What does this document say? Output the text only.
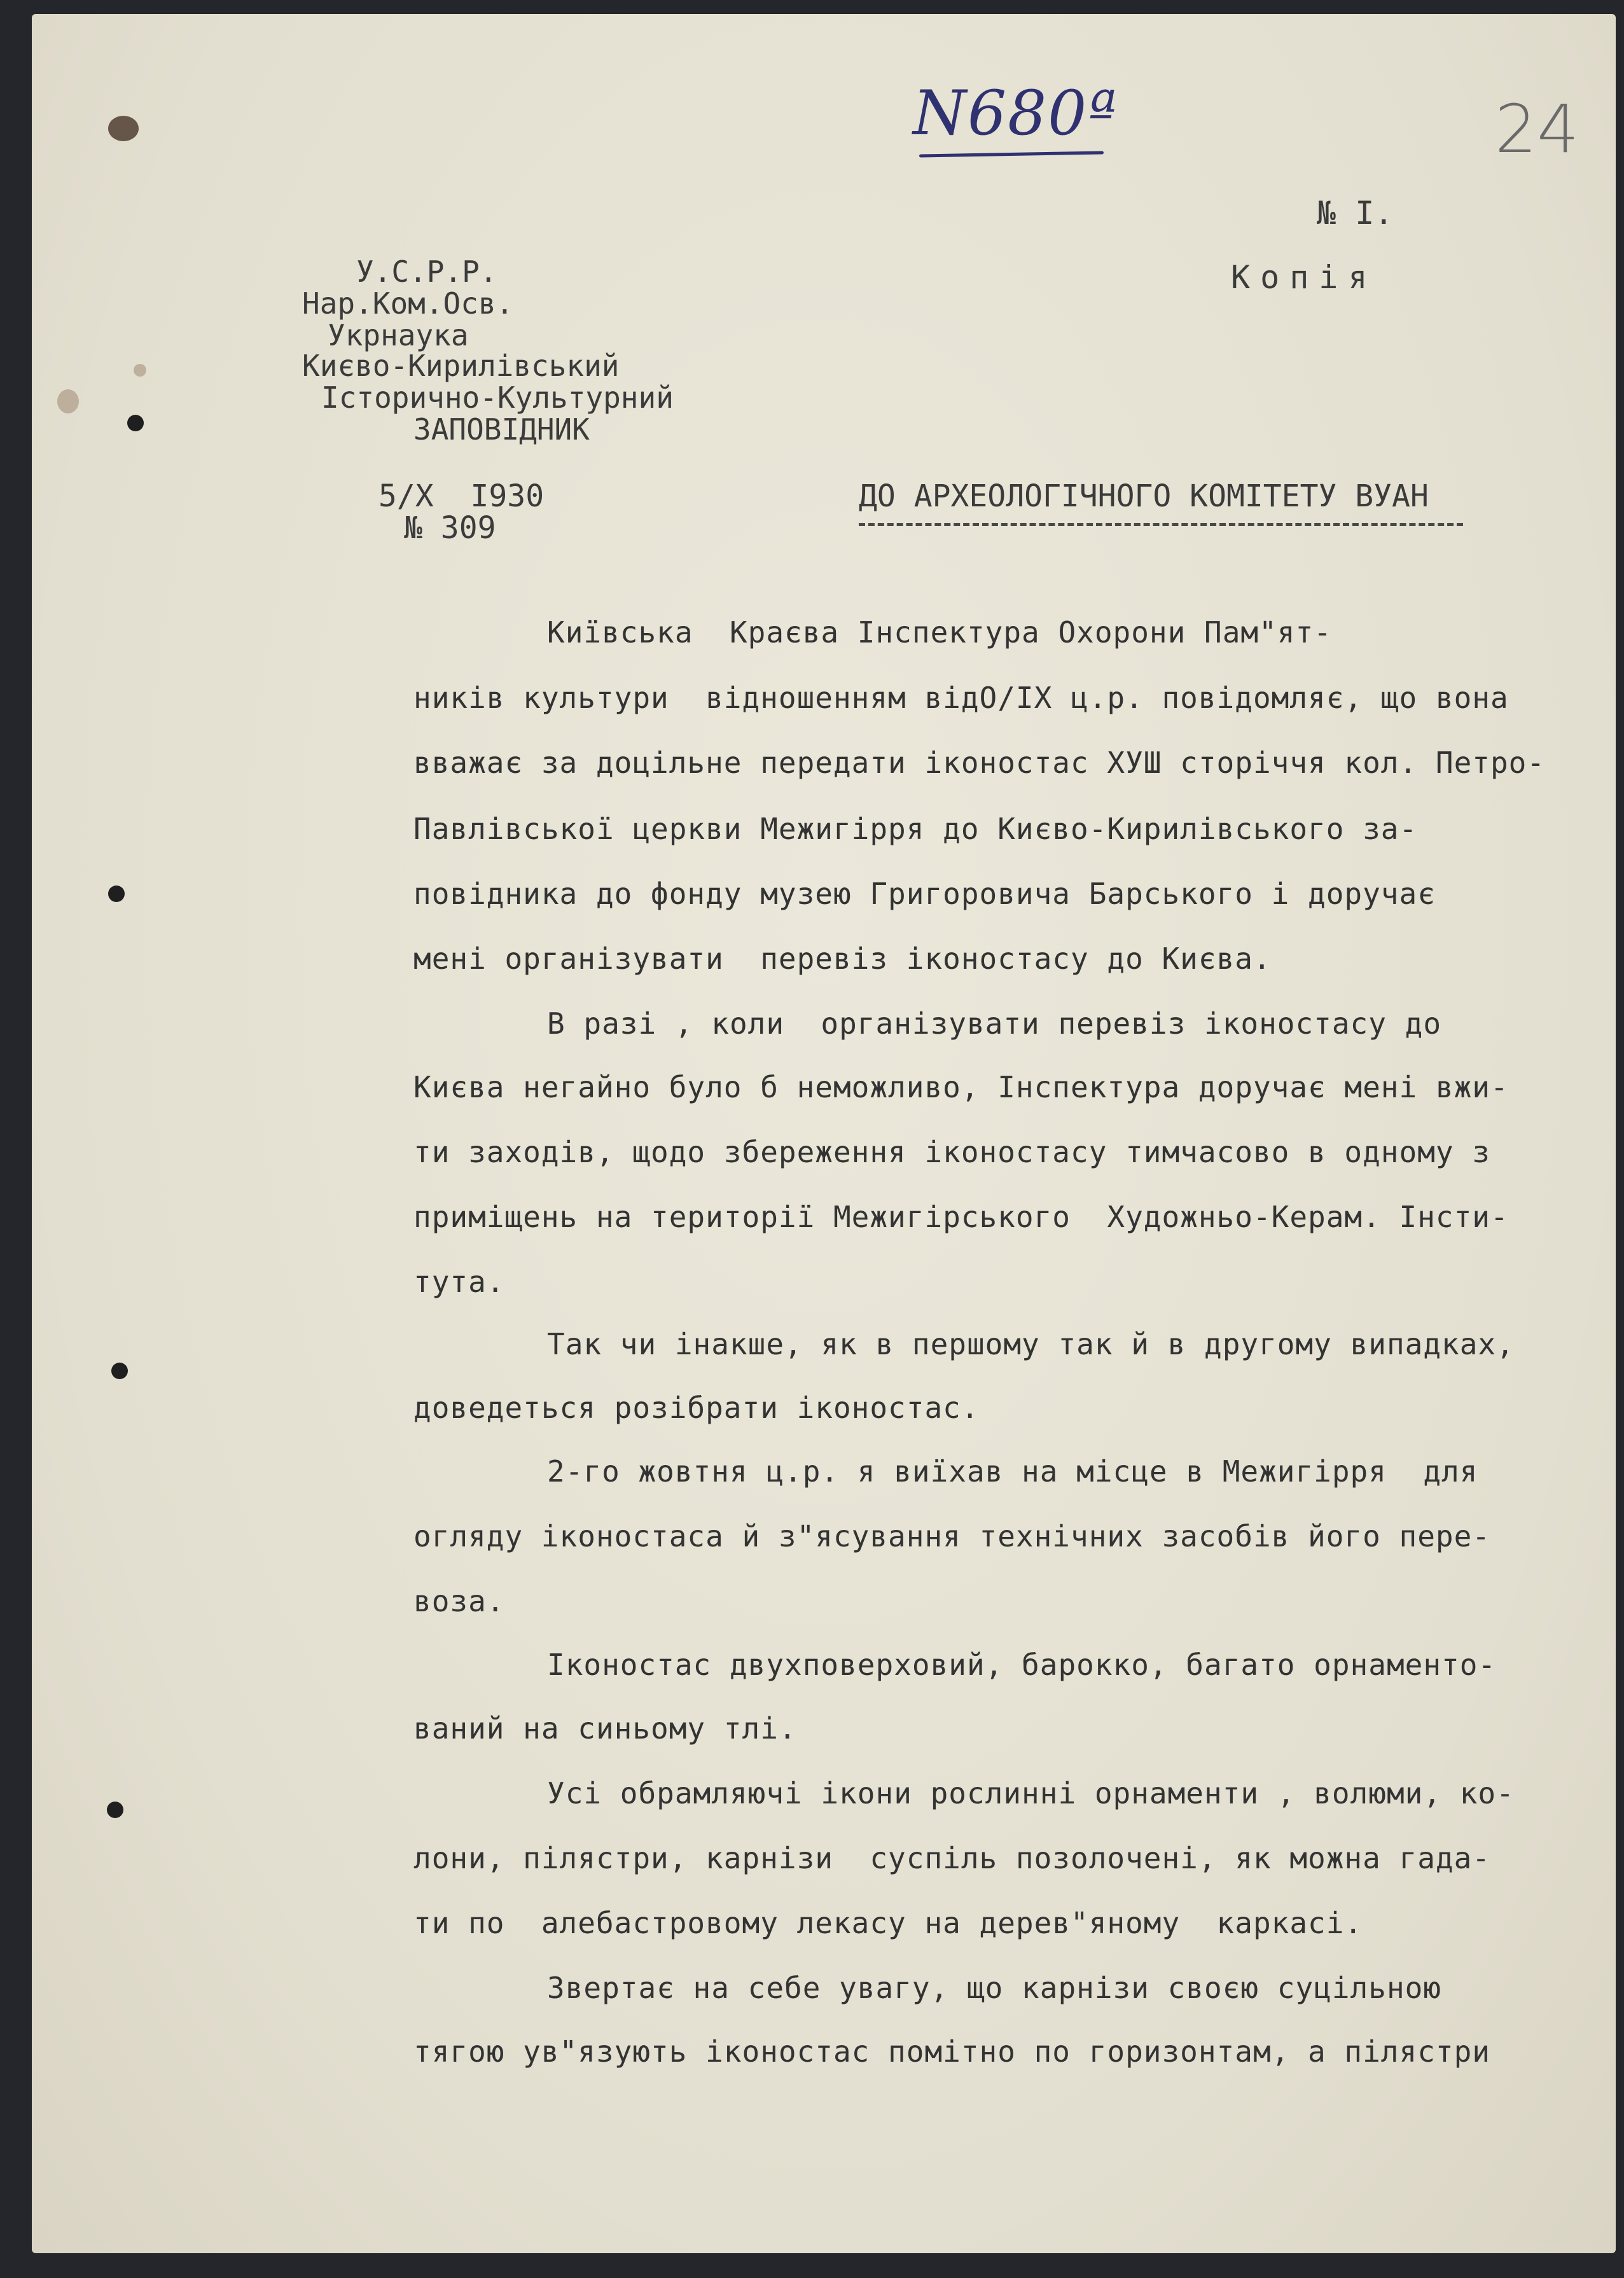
N680ª	24
№ І.
Копія
У.С.Р.Р.
Нар.Ком.Осв.
Укрнаука
Києво-Кирилівський
Історично-Культурний
ЗАПОВІДНИК
5/Х  І930
№ 309
ДО АРХЕОЛОГІЧНОГО КОМІТЕТУ ВУАН
Київська  Краєва Інспектура Охорони Пам"ят-
ників культури  відношенням відО/ІХ ц.р. повідомляє, що вона
вважає за доцільне передати іконостас ХУШ сторіччя кол. Петро-
Павлівської церкви Межигірря до Києво-Кирилівського за-
повідника до фонду музею Григоровича Барського і доручає
мені організувати  перевіз іконостасу до Києва.
В разі , коли  організувати перевіз іконостасу до
Києва негайно було б неможливо, Інспектура доручає мені вжи-
ти заходів, щодо збереження іконостасу тимчасово в одному з
приміщень на території Межигірського  Художньо-Керам. Інсти-
тута.
Так чи інакше, як в першому так й в другому випадках,
доведеться розібрати іконостас.
2-го жовтня ц.р. я виїхав на місце в Межигірря  для
огляду іконостаса й з"ясування технічних засобів його пере-
воза.
Іконостас двухповерховий, барокко, багато орнаменто-
ваний на синьому тлі.
Усі обрамляючі ікони рослинні орнаменти , волюми, ко-
лони, пілястри, карнізи  суспіль позолочені, як можна гада-
ти по  алебастровому лекасу на дерев"яному  каркасі.
Звертає на себе увагу, що карнізи своєю суцільною
тягою ув"язують іконостас помітно по горизонтам, а пілястри
